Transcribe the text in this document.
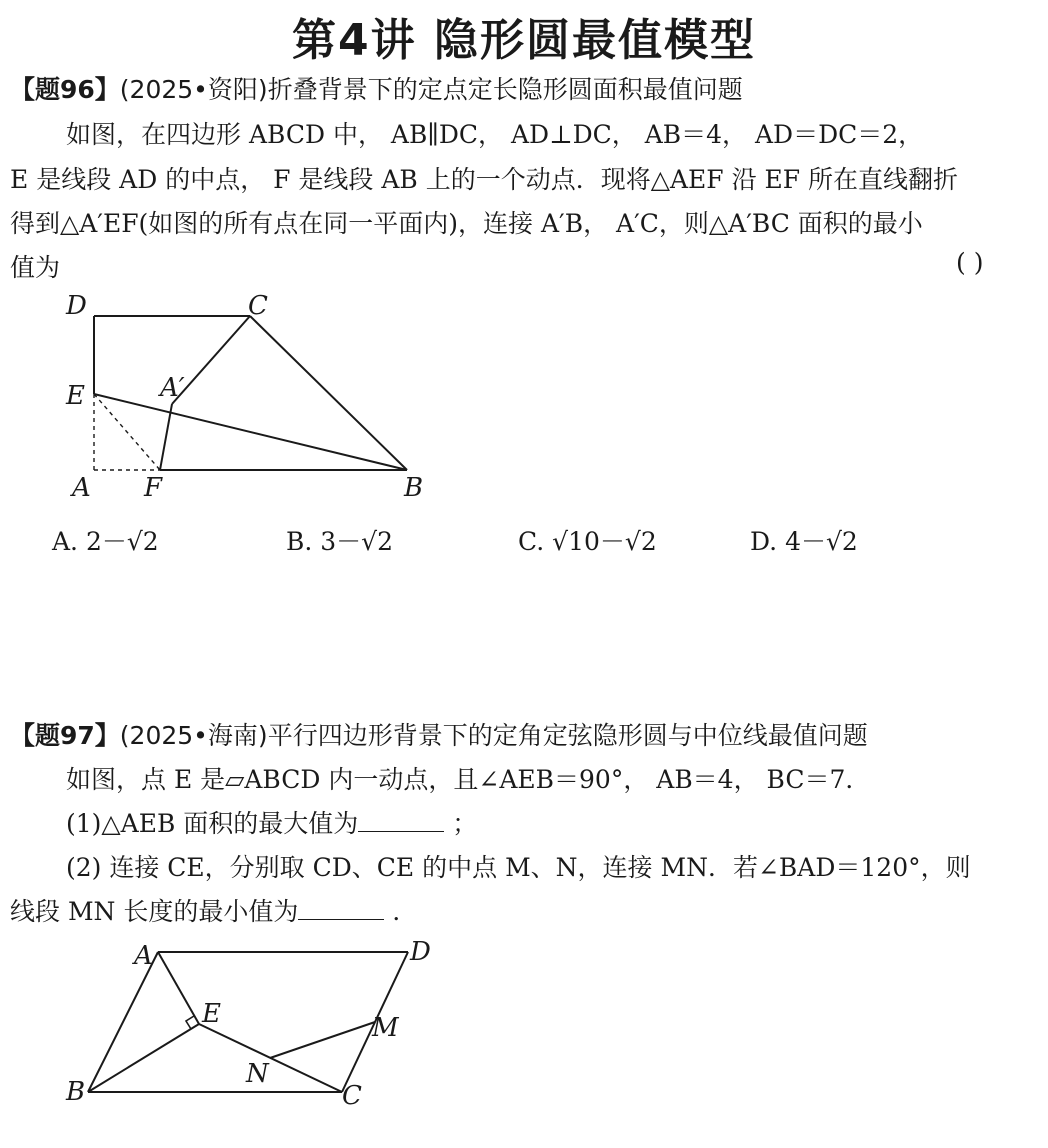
第4讲 隐形圆最值模型
【题96】(2025•资阳)折叠背景下的定点定长隐形圆面积最值问题
如图，在四边形 ABCD 中， AB∥DC， AD⊥DC， AB＝4， AD＝DC＝2，
E 是线段 AD 的中点， F 是线段 AB 上的一个动点．现将△AEF 沿 EF 所在直线翻折
得到△A′EF(如图的所有点在同一平面内)，连接 A′B， A′C，则△A′BC 面积的最小
值为	( )
D	C
E	A′
A F	B
A. 2－√2	B. 3－√2	C. √10－√2	D. 4－√2
【题97】(2025•海南)平行四边形背景下的定角定弦隐形圆与中位线最值问题
如图，点 E 是▱ABCD 内一动点，且∠AEB＝90°， AB＝4， BC＝7．
(1)△AEB 面积的最大值为	；
(2) 连接 CE，分别取 CD、CE 的中点 M、N，连接 MN．若∠BAD＝120°，则
线段 MN 长度的最小值为	．
A	D
E	M
N
B	C
